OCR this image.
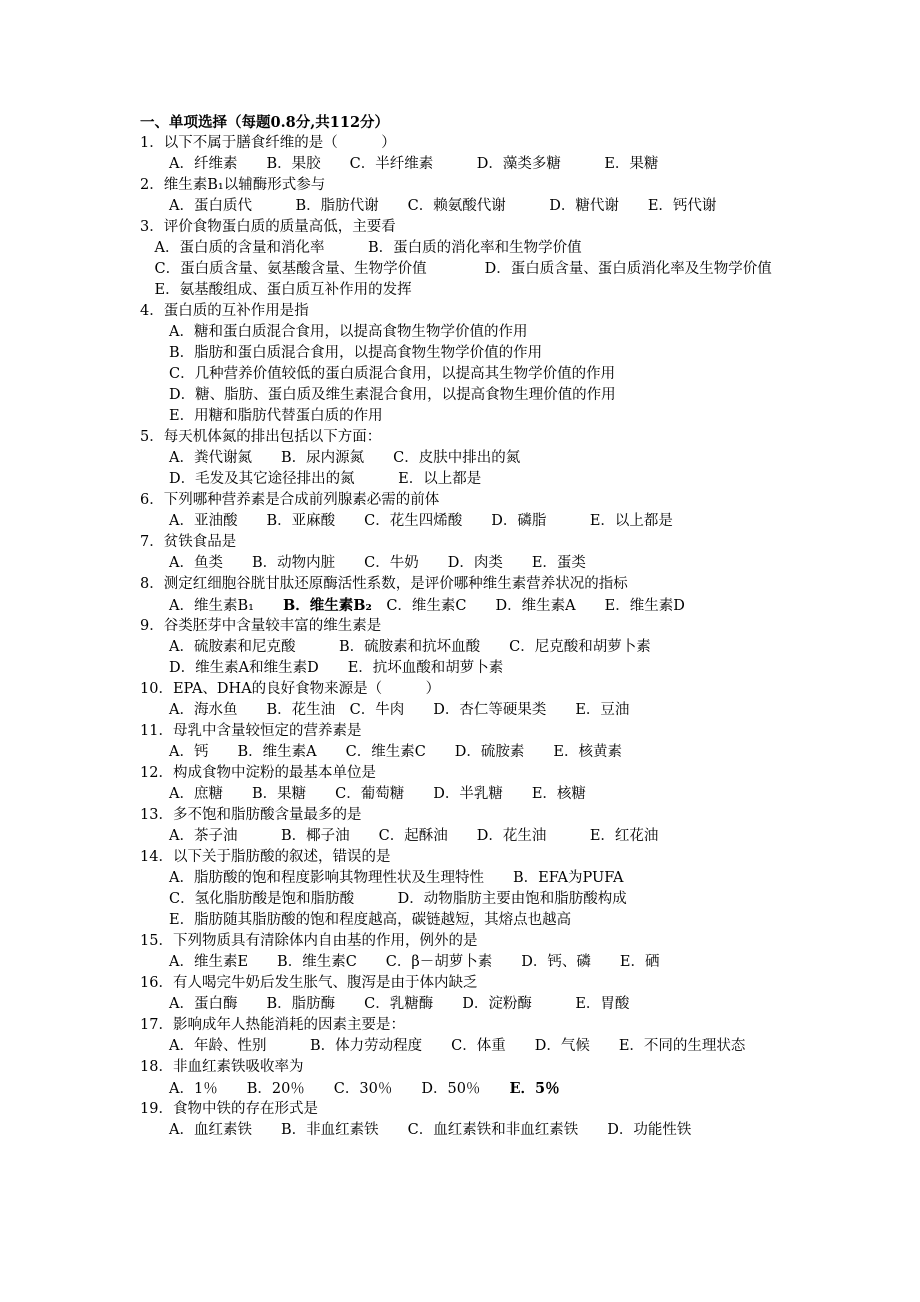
一、单项选择（每题0.8分,共112分）
1．以下不属于膳食纤维的是（　　　）
　　A．纤维素　　B．果胶　　C．半纤维素　　　D．藻类多糖　　　E．果糖
2．维生素B₁以辅酶形式参与
　　A．蛋白质代　　　B．脂肪代谢　　C．赖氨酸代谢　　　D．糖代谢　　E．钙代谢
3．评价食物蛋白质的质量高低，主要看
　A．蛋白质的含量和消化率　　　B．蛋白质的消化率和生物学价值
　C．蛋白质含量、氨基酸含量、生物学价值　　　　D．蛋白质含量、蛋白质消化率及生物学价值
　E．氨基酸组成、蛋白质互补作用的发挥
4．蛋白质的互补作用是指
　　A．糖和蛋白质混合食用，以提高食物生物学价值的作用
　　B．脂肪和蛋白质混合食用，以提高食物生物学价值的作用
　　C．几种营养价值较低的蛋白质混合食用，以提高其生物学价值的作用
　　D．糖、脂肪、蛋白质及维生素混合食用，以提高食物生理价值的作用
　　E．用糖和脂肪代替蛋白质的作用
5．每天机体氮的排出包括以下方面：
　　A．粪代谢氮　　B．尿内源氮　　C．皮肤中排出的氮
　　D．毛发及其它途径排出的氮　　　E．以上都是
6．下列哪种营养素是合成前列腺素必需的前体
　　A．亚油酸　　B．亚麻酸　　C．花生四烯酸　　D．磷脂　　　E．以上都是
7．贫铁食品是
　　A．鱼类　　B．动物内脏　　C．牛奶　　D．肉类　　E．蛋类
8．测定红细胞谷胱甘肽还原酶活性系数，是评价哪种维生素营养状况的指标
　　A．维生素B₁　　B．维生素B₂　C．维生素C　　D．维生素A　　E．维生素D
9．谷类胚芽中含量较丰富的维生素是
　　A．硫胺素和尼克酸　　　B．硫胺素和抗坏血酸　　C．尼克酸和胡萝卜素
　　D．维生素A和维生素D　　E．抗坏血酸和胡萝卜素
10．EPA、DHA的良好食物来源是（　　　）
　　A．海水鱼　　B．花生油　C．牛肉　　D．杏仁等硬果类　　E．豆油
11．母乳中含量较恒定的营养素是
　　A．钙　　B．维生素A　　C．维生素C　　D．硫胺素　　E．核黄素
12．构成食物中淀粉的最基本单位是
　　A．庶糖　　B．果糖　　C．葡萄糖　　D．半乳糖　　E．核糖
13．多不饱和脂肪酸含量最多的是
　　A．茶子油　　　B．椰子油　　C．起酥油　　D．花生油　　　E．红花油
14．以下关于脂肪酸的叙述，错误的是
　　A．脂肪酸的饱和程度影响其物理性状及生理特性　　B．EFA为PUFA
　　C．氢化脂肪酸是饱和脂肪酸　　　D．动物脂肪主要由饱和脂肪酸构成
　　E．脂肪随其脂肪酸的饱和程度越高，碳链越短，其熔点也越高
15．下列物质具有清除体内自由基的作用，例外的是
　　A．维生素E　　B．维生素C　　C．β－胡萝卜素　　D．钙、磷　　E．硒
16．有人喝完牛奶后发生胀气、腹泻是由于体内缺乏
　　A．蛋白酶　　B．脂肪酶　　C．乳糖酶　　D．淀粉酶　　　E．胃酸
17．影响成年人热能消耗的因素主要是：
　　A．年龄、性别　　　B．体力劳动程度　　C．体重　　D．气候　　E．不同的生理状态
18．非血红素铁吸收率为
　　A．1％　　B．20％　　C．30％　　D．50％　　E．5％
19．食物中铁的存在形式是
　　A．血红素铁　　B．非血红素铁　　C．血红素铁和非血红素铁　　D．功能性铁
